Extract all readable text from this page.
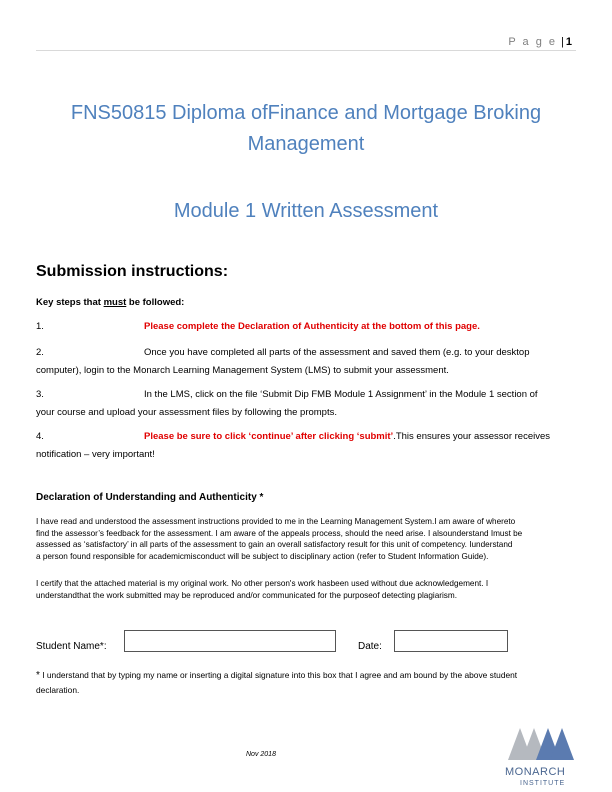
P a g e | 1
FNS50815 Diploma ofFinance and Mortgage Broking
Management
Module 1 Written Assessment
Submission instructions:
Key steps that must be followed:
1.	Please complete the Declaration of Authenticity at the bottom of this page.
2.	Once you have completed all parts of the assessment and saved them (e.g. to your desktop
computer), login to the Monarch Learning Management System (LMS) to submit your assessment.
3.	In the LMS, click on the file ‘Submit Dip FMB Module 1 Assignment’ in the Module 1 section of
your course and upload your assessment files by following the prompts.
4.	Please be sure to click ‘continue’ after clicking ‘submit’.This ensures your assessor receives
notification – very important!
Declaration of Understanding and Authenticity *
I have read and understood the assessment instructions provided to me in the Learning Management System.I am aware of whereto
find the assessor’s feedback for the assessment. I am aware of the appeals process, should the need arise. I alsounderstand Imust be
assessed as ‘satisfactory’ in all parts of the assessment to gain an overall satisfactory result for this unit of competency. Iunderstand
a person found responsible for academicmisconduct will be subject to disciplinary action (refer to Student Information Guide).
I certify that the attached material is my original work. No other person's work hasbeen used without due acknowledgement. I
understandthat the work submitted may be reproduced and/or communicated for the purposeof detecting plagiarism.
Student Name*:	Date:
* I understand that by typing my name or inserting a digital signature into this box that I agree and am bound by the above student
declaration.
Nov 2018
MONARCH
INSTITUTE
